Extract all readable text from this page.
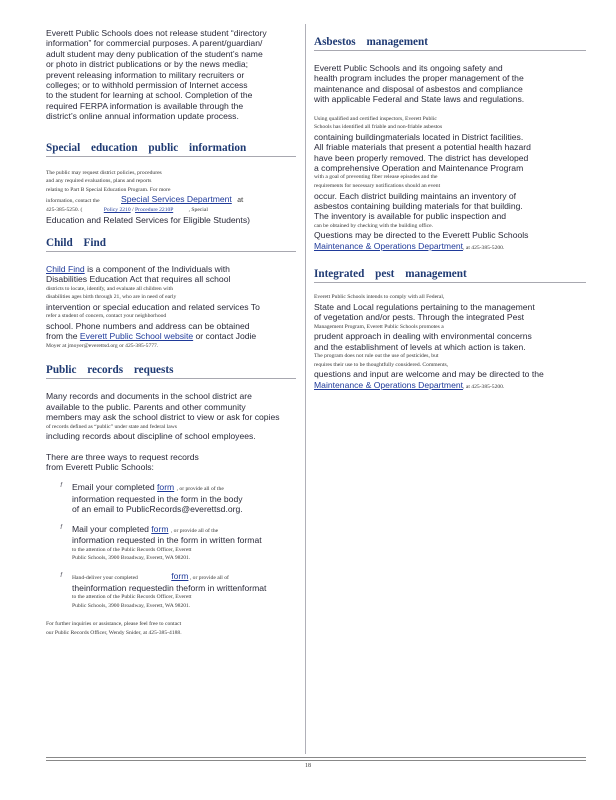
Everett Public Schools does not release student “directory

information” for commercial purposes. A parent/guardian/

adult student may deny publication of the student’s name

or photo in district publications or by the news media;

prevent releasing information to military recruiters or

colleges; or to withhold permission of Internet access

to the student for learning at school. Completion of the

required FERPA information is available through the

district’s online annual information update process.

Special education public information

The public may request district policies, procedures

and any required evaluations, plans and reports

relating to Part B Special Education Program. For more

information, contact the Special Services Department at

425-385-5250. (	Policy 2210 / Procedure 2210P	, Special

Education and Related Services for Eligible Students)

Child Find

Child Find is a component of the Individuals with

Disabilities Education Act that requires all school

districts to locate, identify, and evaluate all children with

disabilities ages birth through 21, who are in need of early

intervention or special education and related services To

refer a student of concern, contact your neighborhood

school. Phone numbers and address can be obtained

from the Everett Public School website or contact Jodie

Moyer at jmoyer@everettsd.org or 425-385-5777.

Public records requests

Many records and documents in the school district are

available to the public. Parents and other community

members may ask the school district to view or ask for copies

of records defined as “public” under state and federal laws

including records about discipline of school employees.

There are three ways to request records

from Everett Public Schools:

ƒ Email your completed form , or provide all of the

information requested in the form in the body

of an email to PublicRecords@everettsd.org.

ƒ Mail your completed form , or provide all of the

information requested in the form in written format

to the attention of the Public Records Officer, Everett

Public Schools, 3900 Broadway, Everett, WA 98201.

ƒ Hand-deliver your completed	form , or provide all of

theinformation requestedin theform in writtenformat

to the attention of the Public Records Officer, Everett

Public Schools, 3900 Broadway, Everett, WA 98201.

For further inquiries or assistance, please feel free to contact

our Public Records Officer, Wendy Snider, at 425-385-4188.

Asbestos management

Everett Public Schools and its ongoing safety and

health program includes the proper management of the

maintenance and disposal of asbestos and compliance

with applicable Federal and State laws and regulations.

Using qualified and certified inspectors, Everett Public

Schools has identified all friable and non-friable asbestos

containing buildingmaterials located in District facilities.

All friable materials that present a potential health hazard

have been properly removed. The district has developed

a comprehensive Operation and Maintenance Program

with a goal of preventing fiber release episodes and the

requirements for necessary notifications should an event

occur. Each district building maintains an inventory of

asbestos containing building materials for that building.

The inventory is available for public inspection and

can be obtained by checking with the building office.

Questions may be directed to the Everett Public Schools

Maintenance & Operations Department, at 425-385-5200.

Integrated pest management

Everett Public Schools intends to comply with all Federal,

State and Local regulations pertaining to the management

of vegetation and/or pests. Through the integrated Pest

Management Program, Everett Public Schools promotes a

prudent approach in dealing with environmental concerns

and the establishment of levels at which action is taken.

The program does not rule out the use of pesticides, but

requires their use to be thoughtfully considered. Comments,

questions and input are welcome and may be directed to the

Maintenance & Operations Department, at 425-385-5200.

18
